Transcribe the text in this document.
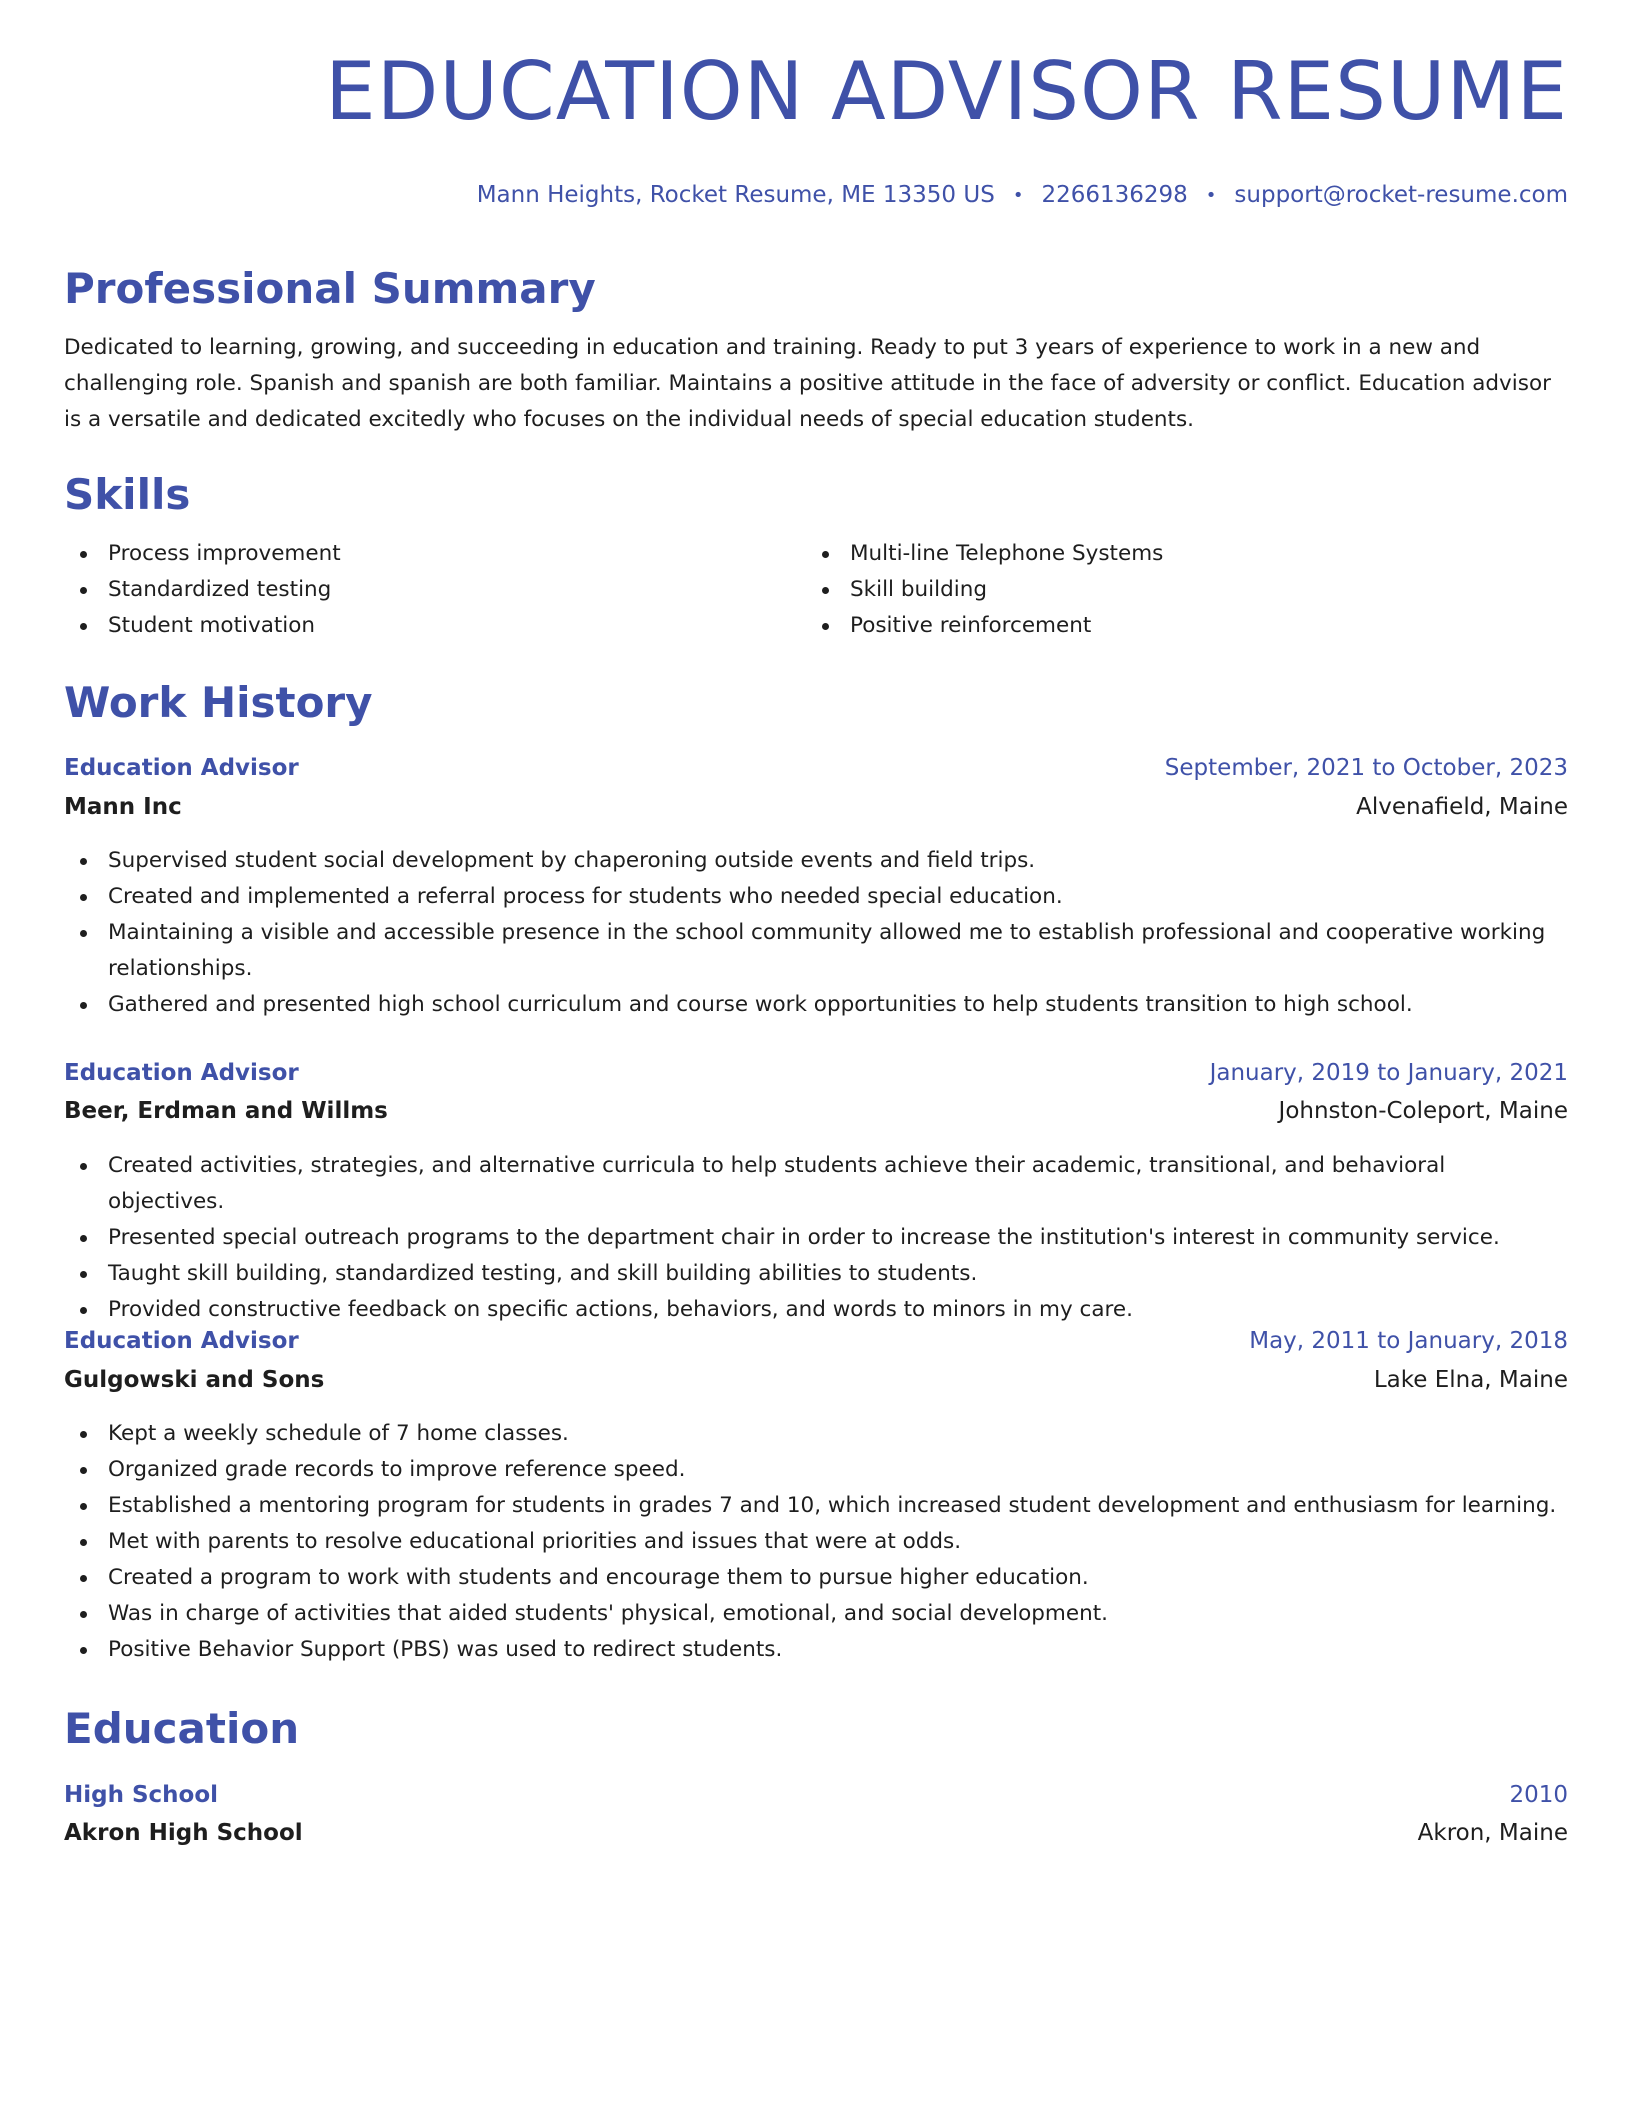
EDUCATION ADVISOR RESUME
Mann Heights, Rocket Resume, ME 13350 US • 2266136298 • support@rocket-resume.com
Professional Summary

Dedicated to learning, growing, and succeeding in education and training. Ready to put 3 years of experience to work in a new and challenging role. Spanish and spanish are both familiar. Maintains a positive attitude in the face of adversity or conflict. Education advisor is a versatile and dedicated excitedly who focuses on the individual needs of special education students.

Skills
Process improvement
Standardized testing
Student motivation
Multi-line Telephone Systems
Skill building
Positive reinforcement
Work History
Education Advisor	September, 2021 to October, 2023
Mann Inc	Alvenafield, Maine
Supervised student social development by chaperoning outside events and field trips.
Created and implemented a referral process for students who needed special education.
Maintaining a visible and accessible presence in the school community allowed me to establish professional and cooperative working relationships.
Gathered and presented high school curriculum and course work opportunities to help students transition to high school.
Education Advisor	January, 2019 to January, 2021
Beer, Erdman and Willms	Johnston-Coleport, Maine
Created activities, strategies, and alternative curricula to help students achieve their academic, transitional, and behavioral objectives.
Presented special outreach programs to the department chair in order to increase the institution's interest in community service.
Taught skill building, standardized testing, and skill building abilities to students.
Provided constructive feedback on specific actions, behaviors, and words to minors in my care.
Education Advisor	May, 2011 to January, 2018
Gulgowski and Sons	Lake Elna, Maine
Kept a weekly schedule of 7 home classes.
Organized grade records to improve reference speed.
Established a mentoring program for students in grades 7 and 10, which increased student development and enthusiasm for learning.
Met with parents to resolve educational priorities and issues that were at odds.
Created a program to work with students and encourage them to pursue higher education.
Was in charge of activities that aided students' physical, emotional, and social development.
Positive Behavior Support (PBS) was used to redirect students.
Education
High School	2010
Akron High School	Akron, Maine
